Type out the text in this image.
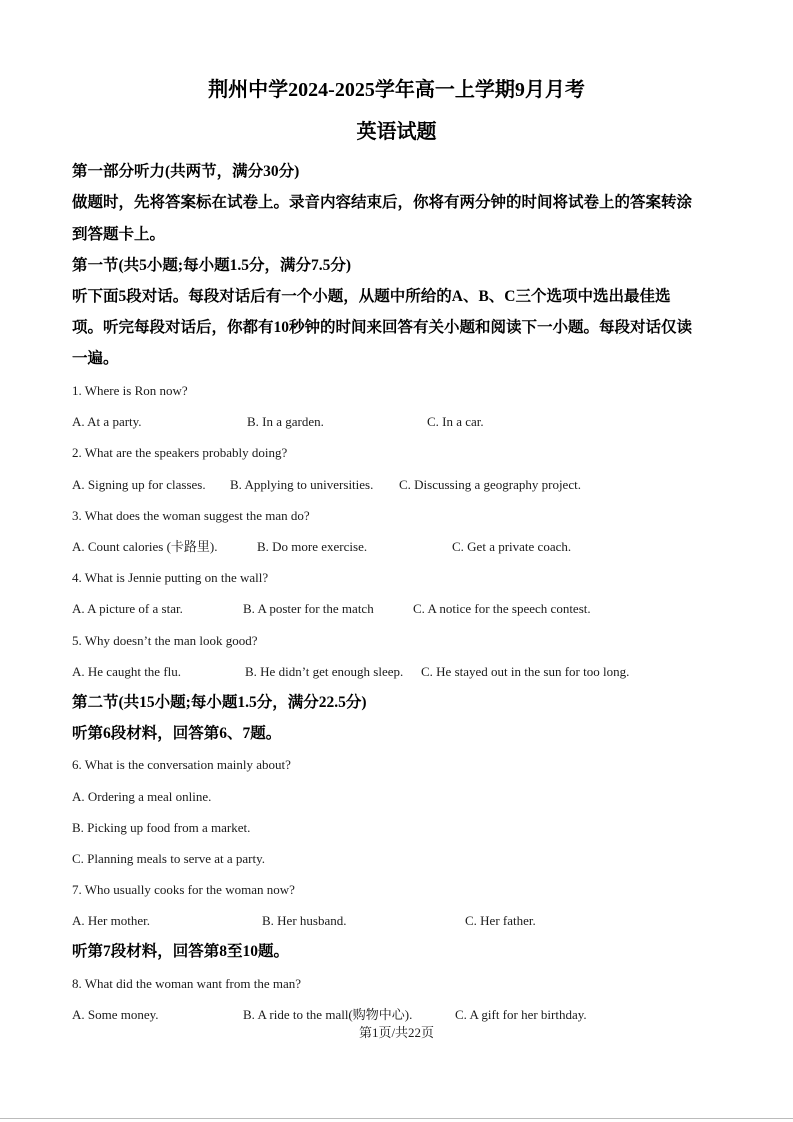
荆州中学2024-2025学年高一上学期9月月考
英语试题
第一部分听力(共两节，满分30分)
做题时，先将答案标在试卷上。录音内容结束后，你将有两分钟的时间将试卷上的答案转涂
到答题卡上。
第一节(共5小题;每小题1.5分，满分7.5分)
听下面5段对话。每段对话后有一个小题，从题中所给的A、B、C三个选项中选出最佳选
项。听完每段对话后，你都有10秒钟的时间来回答有关小题和阅读下一小题。每段对话仅读
一遍。
1. Where is Ron now?
A. At a party.	B. In a garden.	C. In a car.
2. What are the speakers probably doing?
A. Signing up for classes. B. Applying to universities. C. Discussing a geography project.
3. What does the woman suggest the man do?
A. Count calories (卡路里).	B. Do more exercise.	C. Get a private coach.
4. What is Jennie putting on the wall?
A. A picture of a star.	B. A poster for the match	C. A notice for the speech contest.
5. Why doesn’t the man look good?
A. He caught the flu.	B. He didn’t get enough sleep. C. He stayed out in the sun for too long.
第二节(共15小题;每小题1.5分，满分22.5分)
听第6段材料，回答第6、7题。
6. What is the conversation mainly about?
A. Ordering a meal online.
B. Picking up food from a market.
C. Planning meals to serve at a party.
7. Who usually cooks for the woman now?
A. Her mother.	B. Her husband.	C. Her father.
听第7段材料，回答第8至10题。
8. What did the woman want from the man?
A. Some money.	B. A ride to the mall(购物中心).	C. A gift for her birthday.
第1页/共22页
